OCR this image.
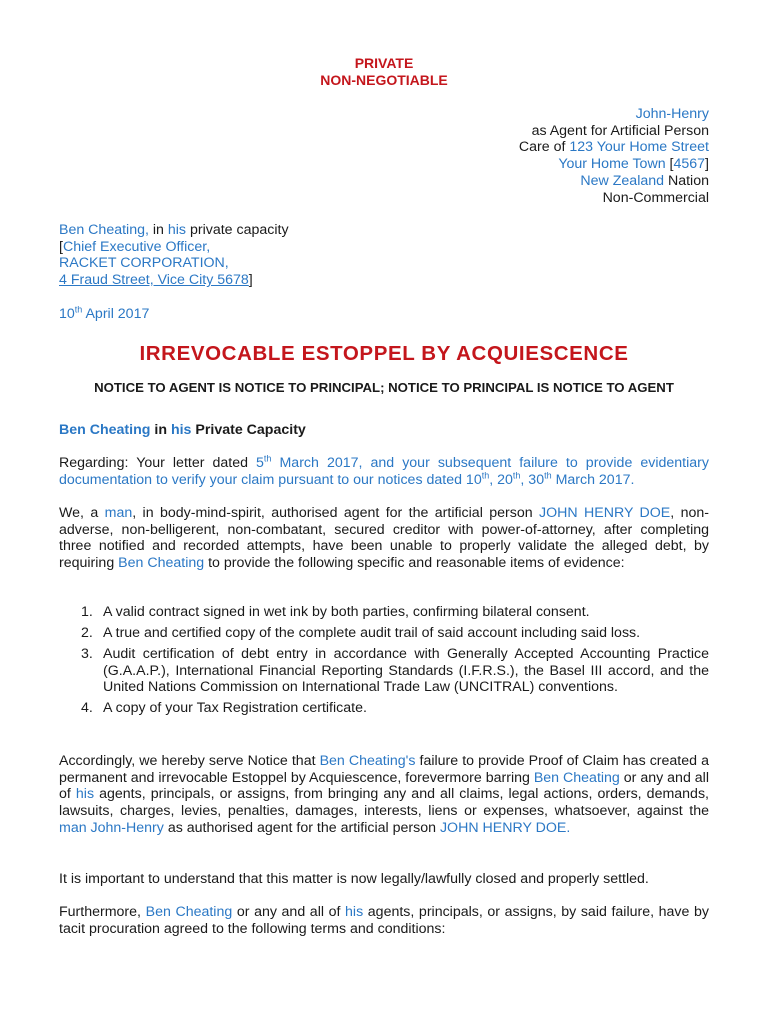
PRIVATE
NON-NEGOTIABLE
John-Henry
as Agent for Artificial Person
Care of 123 Your Home Street
Your Home Town [4567]
New Zealand Nation
Non-Commercial
Ben Cheating, in his private capacity
[Chief Executive Officer,
RACKET CORPORATION,
4 Fraud Street, Vice City 5678]
10th April 2017
IRREVOCABLE ESTOPPEL BY ACQUIESCENCE
NOTICE TO AGENT IS NOTICE TO PRINCIPAL; NOTICE TO PRINCIPAL IS NOTICE TO AGENT
Ben Cheating in his Private Capacity
Regarding: Your letter dated 5th March 2017, and your subsequent failure to provide evidentiary documentation to verify your claim pursuant to our notices dated 10th, 20th, 30th March 2017.
We, a man, in body-mind-spirit, authorised agent for the artificial person JOHN HENRY DOE, non-adverse, non-belligerent, non-combatant, secured creditor with power-of-attorney, after completing three notified and recorded attempts, have been unable to properly validate the alleged debt, by requiring Ben Cheating to provide the following specific and reasonable items of evidence:
1. A valid contract signed in wet ink by both parties, confirming bilateral consent.
2. A true and certified copy of the complete audit trail of said account including said loss.
3. Audit certification of debt entry in accordance with Generally Accepted Accounting Practice (G.A.A.P.), International Financial Reporting Standards (I.F.R.S.), the Basel III accord, and the United Nations Commission on International Trade Law (UNCITRAL) conventions.
4. A copy of your Tax Registration certificate.
Accordingly, we hereby serve Notice that Ben Cheating's failure to provide Proof of Claim has created a permanent and irrevocable Estoppel by Acquiescence, forevermore barring Ben Cheating or any and all of his agents, principals, or assigns, from bringing any and all claims, legal actions, orders, demands, lawsuits, charges, levies, penalties, damages, interests, liens or expenses, whatsoever, against the man John-Henry as authorised agent for the artificial person JOHN HENRY DOE.
It is important to understand that this matter is now legally/lawfully closed and properly settled.
Furthermore, Ben Cheating or any and all of his agents, principals, or assigns, by said failure, have by tacit procuration agreed to the following terms and conditions:
